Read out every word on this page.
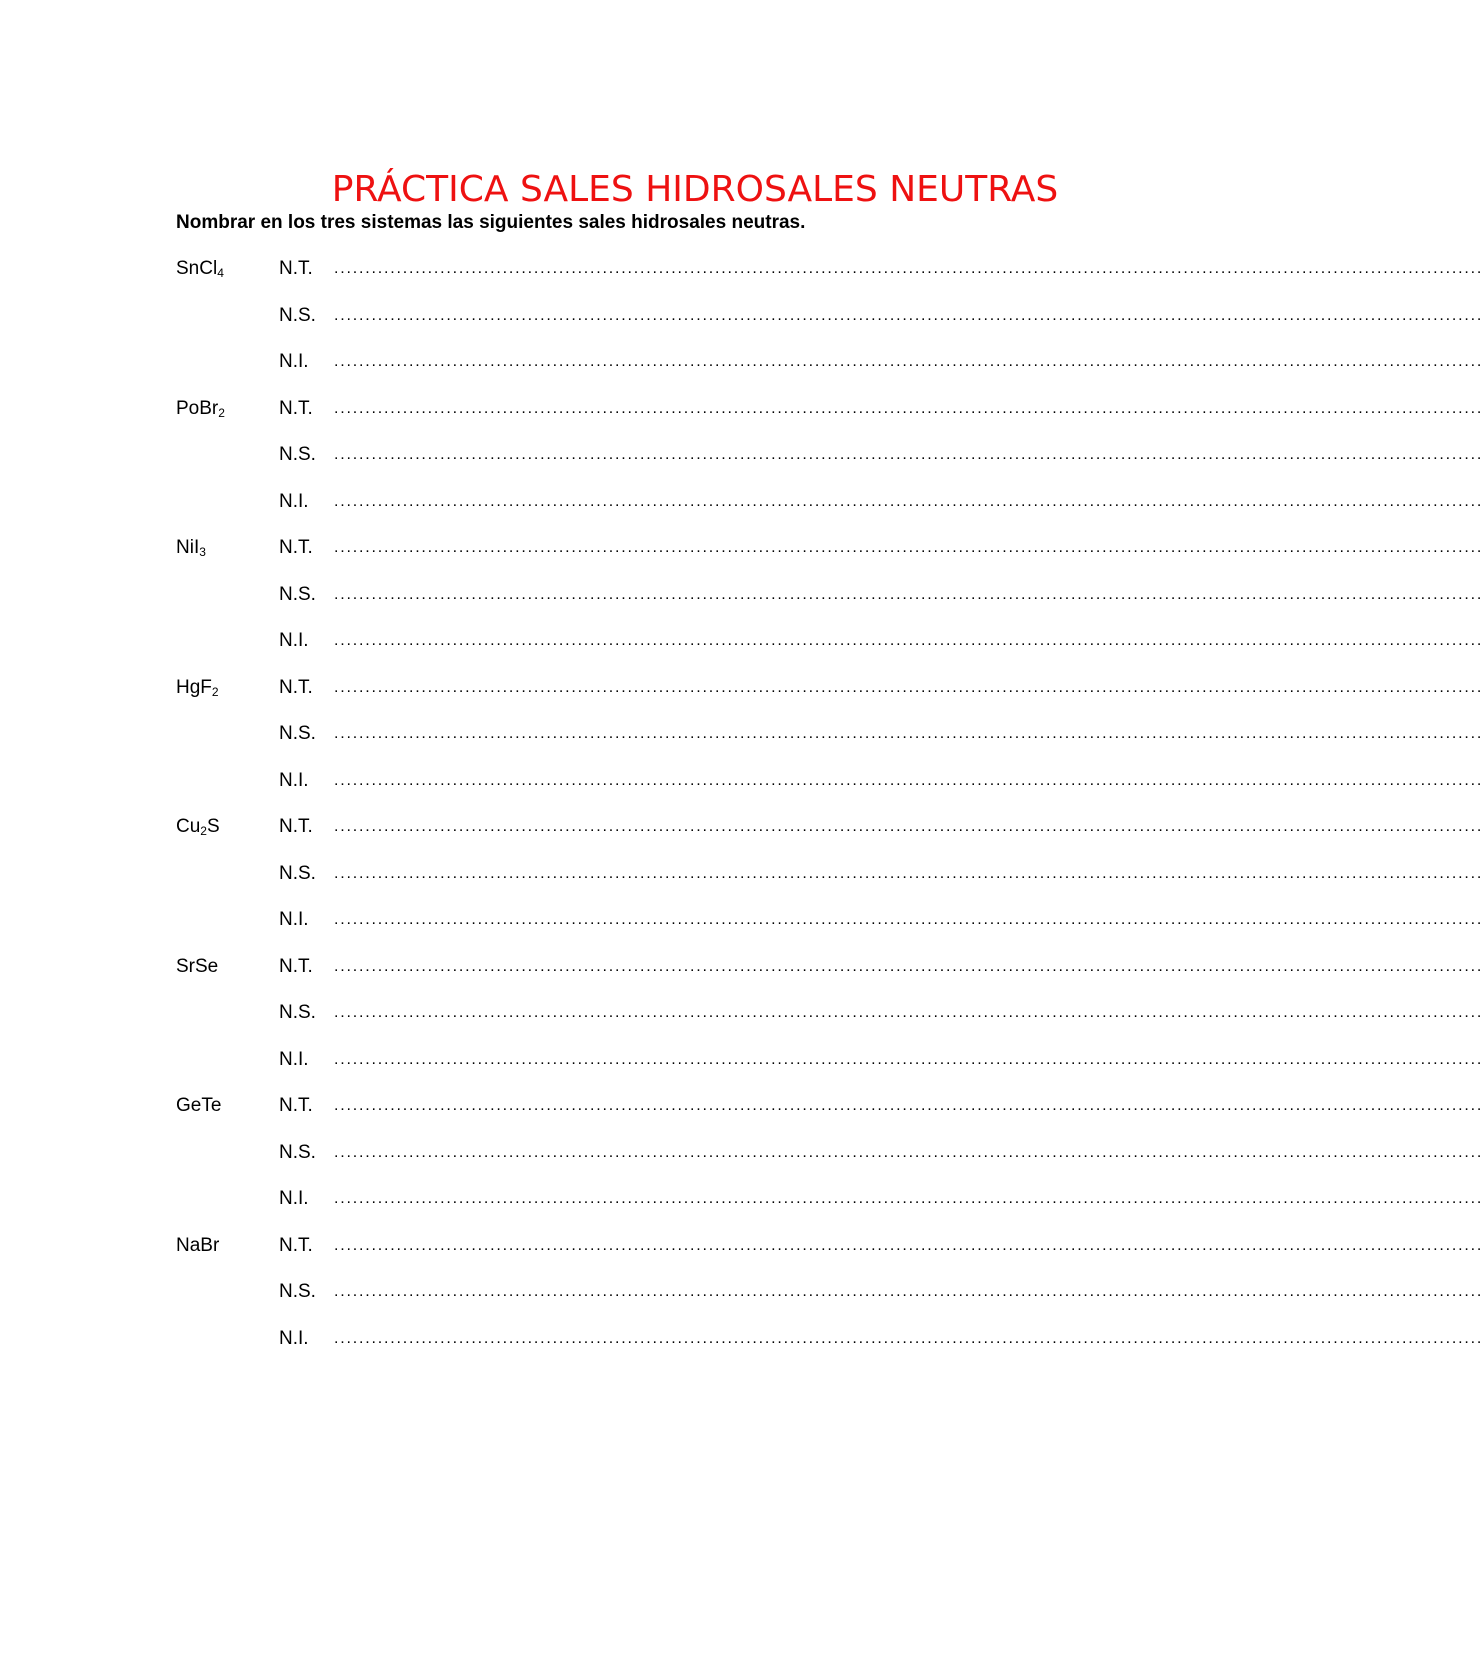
PRÁCTICA SALES HIDROSALES NEUTRAS
Nombrar en los tres sistemas las siguientes sales hidrosales neutras.
SnCl$_4$	N.T. ........................................................................................................................................................................................
N.S. ........................................................................................................................................................................................
N.I. ........................................................................................................................................................................................
PoBr$_2$	N.T. ........................................................................................................................................................................................
N.S. ........................................................................................................................................................................................
N.I. ........................................................................................................................................................................................
NiI$_3$	N.T. ........................................................................................................................................................................................
N.S. ........................................................................................................................................................................................
N.I. ........................................................................................................................................................................................
HgF$_2$	N.T. ........................................................................................................................................................................................
N.S. ........................................................................................................................................................................................
N.I. ........................................................................................................................................................................................
$Cu_2S$	N.T. ........................................................................................................................................................................................
N.S. ........................................................................................................................................................................................
N.I. ........................................................................................................................................................................................
SrSe	N.T. ........................................................................................................................................................................................
N.S. ........................................................................................................................................................................................
N.I. ........................................................................................................................................................................................
GeTe	N.T. ........................................................................................................................................................................................
N.S. ........................................................................................................................................................................................
N.I. ........................................................................................................................................................................................
NaBr	N.T. ........................................................................................................................................................................................
N.S. ........................................................................................................................................................................................
N.I. ........................................................................................................................................................................................
